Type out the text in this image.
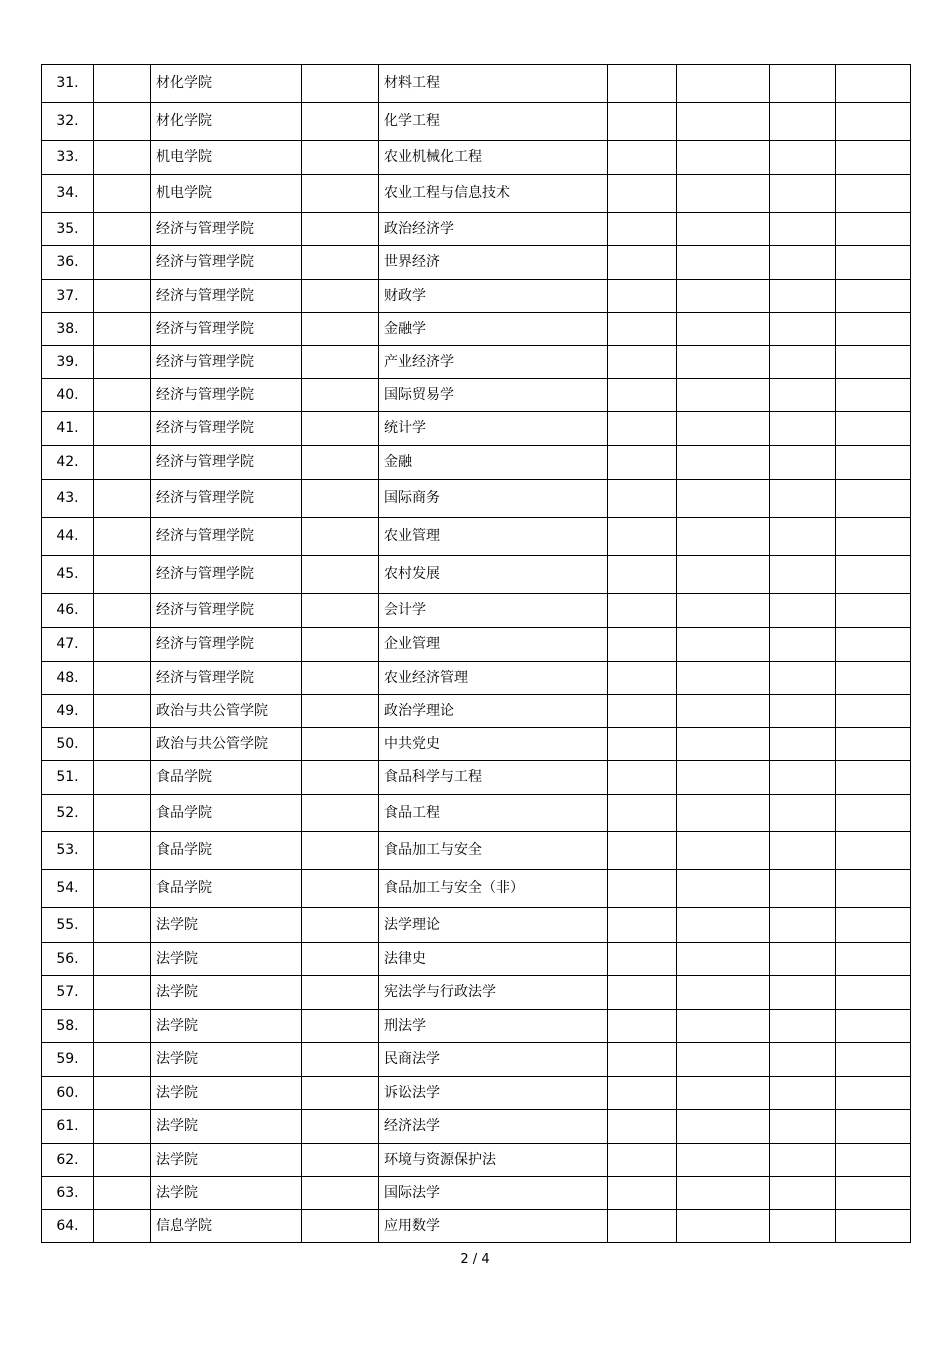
31.		材化学院		材料工程				
32.		材化学院		化学工程				
33.		机电学院		农业机械化工程				
34.		机电学院		农业工程与信息技术				
35.		经济与管理学院		政治经济学				
36.		经济与管理学院		世界经济				
37.		经济与管理学院		财政学				
38.		经济与管理学院		金融学				
39.		经济与管理学院		产业经济学				
40.		经济与管理学院		国际贸易学				
41.		经济与管理学院		统计学				
42.		经济与管理学院		金融				
43.		经济与管理学院		国际商务				
44.		经济与管理学院		农业管理				
45.		经济与管理学院		农村发展				
46.		经济与管理学院		会计学				
47.		经济与管理学院		企业管理				
48.		经济与管理学院		农业经济管理				
49.		政治与共公管学院		政治学理论				
50.		政治与共公管学院		中共党史				
51.		食品学院		食品科学与工程				
52.		食品学院		食品工程				
53.		食品学院		食品加工与安全				
54.		食品学院		食品加工与安全（非）				
55.		法学院		法学理论				
56.		法学院		法律史				
57.		法学院		宪法学与行政法学				
58.		法学院		刑法学				
59.		法学院		民商法学				
60.		法学院		诉讼法学				
61.		法学院		经济法学				
62.		法学院		环境与资源保护法				
63.		法学院		国际法学				
64.		信息学院		应用数学				
2 / 4
